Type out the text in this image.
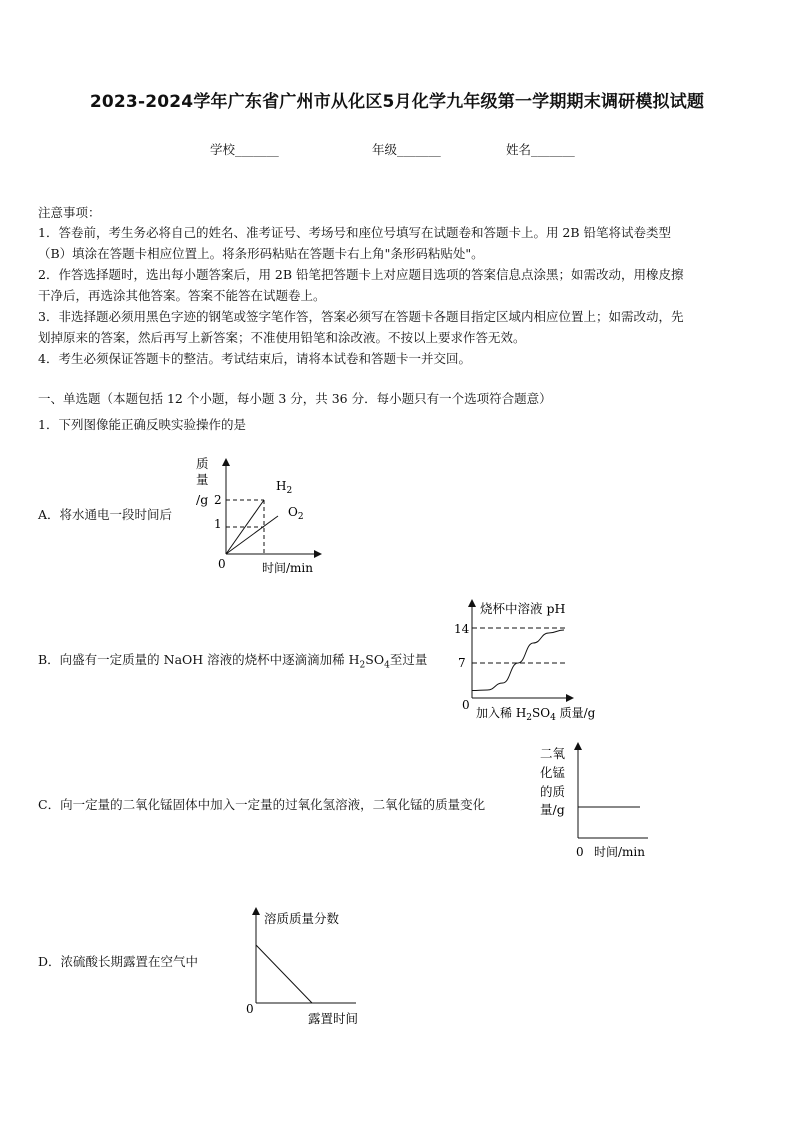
2023-2024学年广东省广州市从化区5月化学九年级第一学期期末调研模拟试题
学校_______	年级_______	姓名_______
注意事项：
1．答卷前，考生务必将自己的姓名、准考证号、考场号和座位号填写在试题卷和答题卡上。用 2B 铅笔将试卷类型
（B）填涂在答题卡相应位置上。将条形码粘贴在答题卡右上角"条形码粘贴处"。
2．作答选择题时，选出每小题答案后，用 2B 铅笔把答题卡上对应题目选项的答案信息点涂黑；如需改动，用橡皮擦
干净后，再选涂其他答案。答案不能答在试题卷上。
3．非选择题必须用黑色字迹的钢笔或签字笔作答，答案必须写在答题卡各题目指定区域内相应位置上；如需改动，先
划掉原来的答案，然后再写上新答案；不准使用铅笔和涂改液。不按以上要求作答无效。
4．考生必须保证答题卡的整洁。考试结束后，请将本试卷和答题卡一并交回。
一、单选题（本题包括 12 个小题，每小题 3 分，共 36 分．每小题只有一个选项符合题意）
1．下列图像能正确反映实验操作的是
A．将水通电一段时间后
质
量
/g
0
2
1
$H_2$
$O_2$
时间/min
B．向盛有一定质量的 NaOH 溶液的烧杯中逐滴滴加稀 $H_2SO_4$至过量
烧杯中溶液 pH
14
7
0
加入稀 $H_2SO_4$ 质量/g
C．向一定量的二氧化锰固体中加入一定量的过氧化氢溶液，二氧化锰的质量变化
二氧
化锰
的质
量/g
0 时间/min
D．浓硫酸长期露置在空气中
溶质质量分数
0
露置时间
